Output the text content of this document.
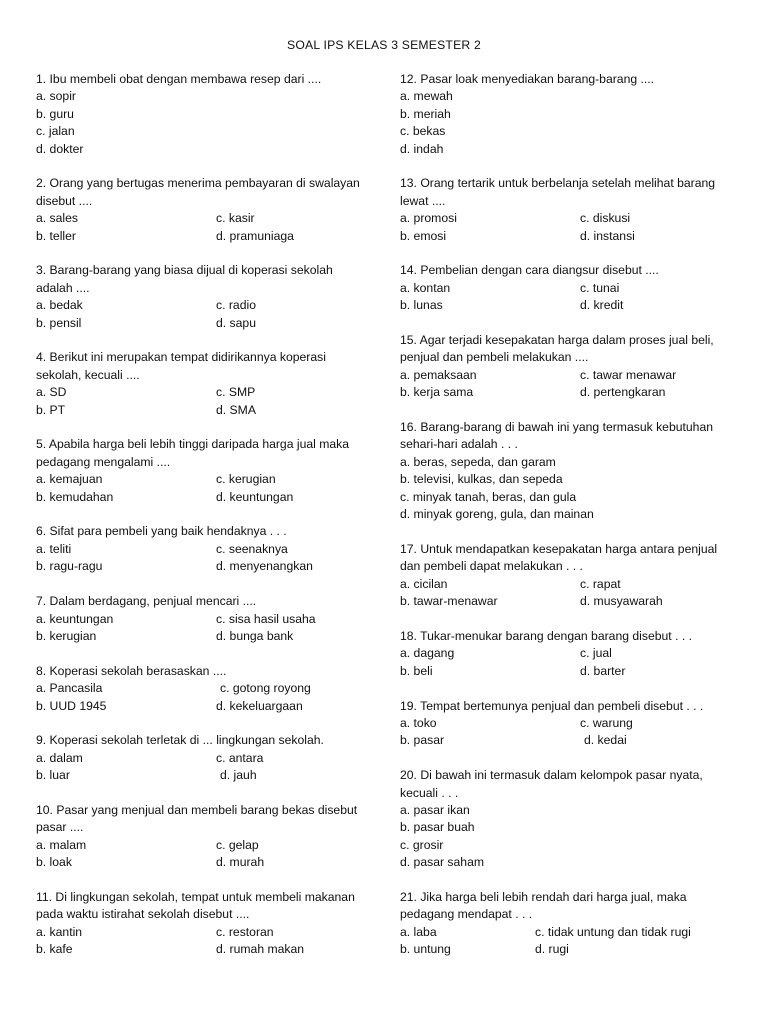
SOAL IPS KELAS 3 SEMESTER 2
1. Ibu membeli obat dengan membawa resep dari ....
a. sopir
b. guru
c. jalan
d. dokter
2. Orang yang bertugas menerima pembayaran di swalayan
disebut ....
a. sales	c. kasir
b. teller	d. pramuniaga
3. Barang-barang yang biasa dijual di koperasi sekolah
adalah ....
a. bedak	c. radio
b. pensil	d. sapu
4. Berikut ini merupakan tempat didirikannya koperasi
sekolah, kecuali ....
a. SD	c. SMP
b. PT	d. SMA
5. Apabila harga beli lebih tinggi daripada harga jual maka
pedagang mengalami ....
a. kemajuan	c. kerugian
b. kemudahan	d. keuntungan
6. Sifat para pembeli yang baik hendaknya . . .
a. teliti	c. seenaknya
b. ragu-ragu	d. menyenangkan
7. Dalam berdagang, penjual mencari ....
a. keuntungan	c. sisa hasil usaha
b. kerugian	d. bunga bank
8. Koperasi sekolah berasaskan ....
a. Pancasila	c. gotong royong
b. UUD 1945	d. kekeluargaan
9. Koperasi sekolah terletak di ... lingkungan sekolah.
a. dalam	c. antara
b. luar	d. jauh
10. Pasar yang menjual dan membeli barang bekas disebut
pasar ....
a. malam	c. gelap
b. loak	d. murah
11. Di lingkungan sekolah, tempat untuk membeli makanan
pada waktu istirahat sekolah disebut ....
a. kantin	c. restoran
b. kafe	d. rumah makan
12. Pasar loak menyediakan barang-barang ....
a. mewah
b. meriah
c. bekas
d. indah
13. Orang tertarik untuk berbelanja setelah melihat barang
lewat ....
a. promosi	c. diskusi
b. emosi	d. instansi
14. Pembelian dengan cara diangsur disebut ....
a. kontan	c. tunai
b. lunas	d. kredit
15. Agar terjadi kesepakatan harga dalam proses jual beli,
penjual dan pembeli melakukan ....
a. pemaksaan	c. tawar menawar
b. kerja sama	d. pertengkaran
16. Barang-barang di bawah ini yang termasuk kebutuhan
sehari-hari adalah . . .
a. beras, sepeda, dan garam
b. televisi, kulkas, dan sepeda
c. minyak tanah, beras, dan gula
d. minyak goreng, gula, dan mainan
17. Untuk mendapatkan kesepakatan harga antara penjual
dan pembeli dapat melakukan . . .
a. cicilan	c. rapat
b. tawar-menawar	d. musyawarah
18. Tukar-menukar barang dengan barang disebut . . .
a. dagang	c. jual
b. beli	d. barter
19. Tempat bertemunya penjual dan pembeli disebut . . .
a. toko	c. warung
b. pasar	d. kedai
20. Di bawah ini termasuk dalam kelompok pasar nyata,
kecuali . . .
a. pasar ikan
b. pasar buah
c. grosir
d. pasar saham
21. Jika harga beli lebih rendah dari harga jual, maka
pedagang mendapat . . .
a. laba	c. tidak untung dan tidak rugi
b. untung	d. rugi
